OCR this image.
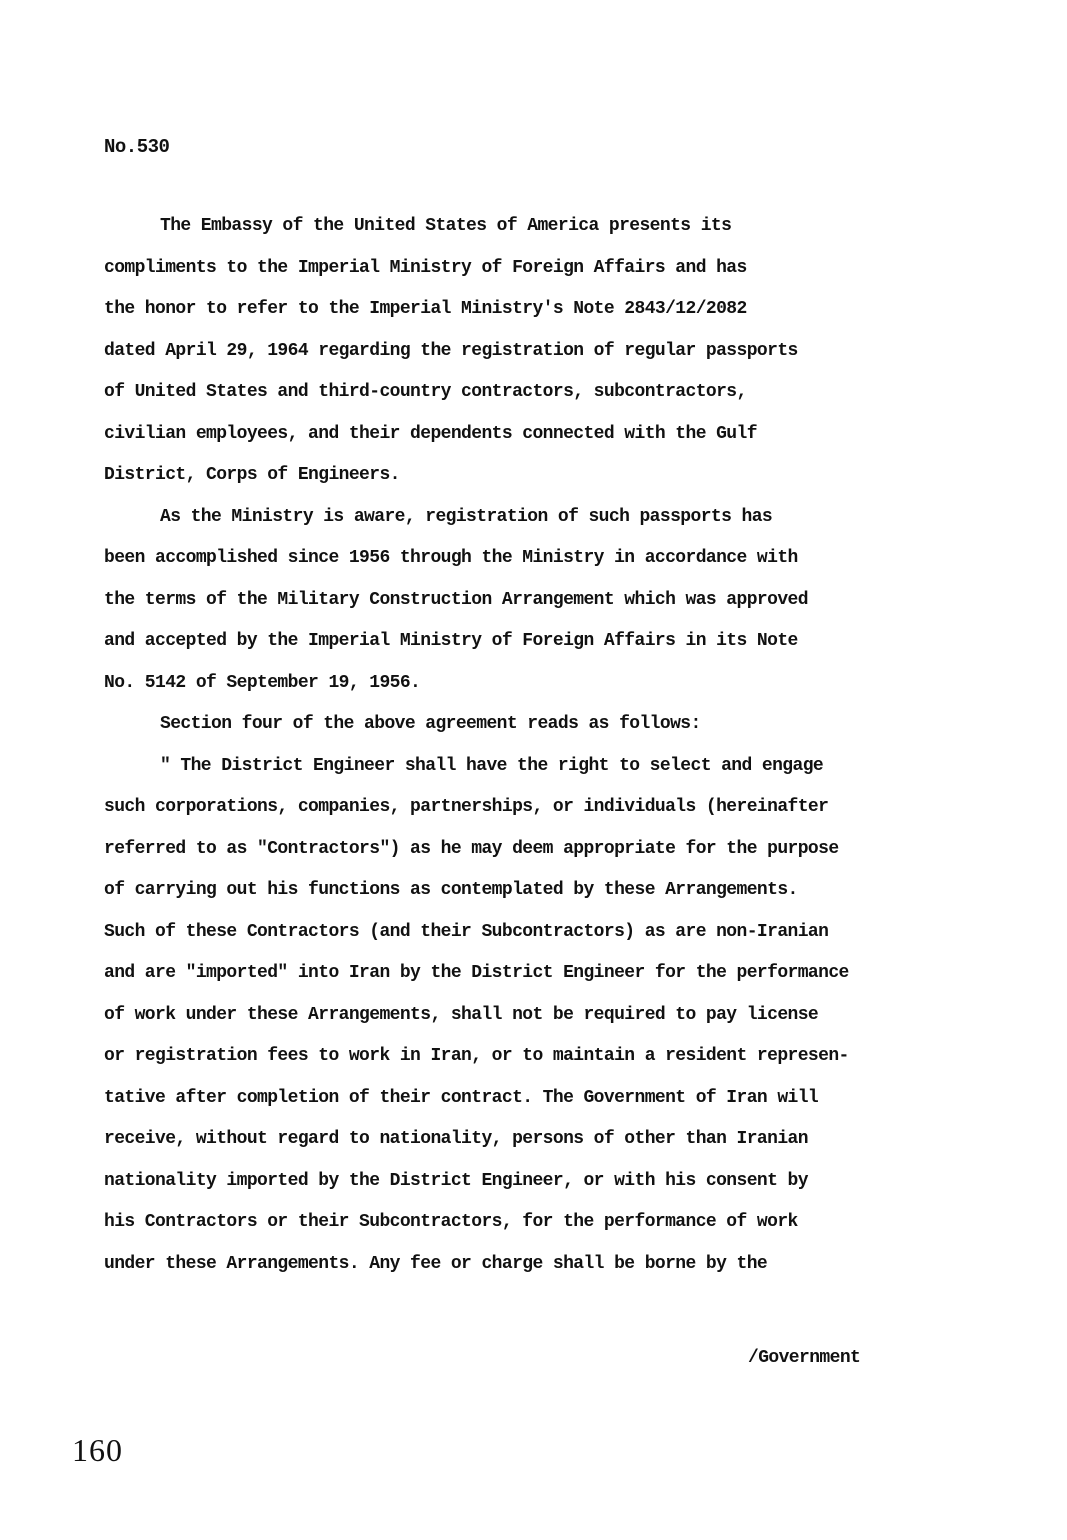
No.530
The Embassy of the United States of America presents its
compliments to the Imperial Ministry of Foreign Affairs and has
the honor to refer to the Imperial Ministry's Note 2843/12/2082
dated April 29, 1964 regarding the registration of regular passports
of United States and third-country contractors, subcontractors,
civilian employees, and their dependents connected with the Gulf
District, Corps of Engineers.
As the Ministry is aware, registration of such passports has
been accomplished since 1956 through the Ministry in accordance with
the terms of the Military Construction Arrangement which was approved
and accepted by the Imperial Ministry of Foreign Affairs in its Note
No. 5142 of September 19, 1956.
Section four of the above agreement reads as follows:
" The District Engineer shall have the right to select and engage
such corporations, companies, partnerships, or individuals (hereinafter
referred to as "Contractors") as he may deem appropriate for the purpose
of carrying out his functions as contemplated by these Arrangements.
Such of these Contractors (and their Subcontractors) as are non-Iranian
and are "imported" into Iran by the District Engineer for the performance
of work under these Arrangements, shall not be required to pay license
or registration fees to work in Iran, or to maintain a resident represen-
tative after completion of their contract. The Government of Iran will
receive, without regard to nationality, persons of other than Iranian
nationality imported by the District Engineer, or with his consent by
his Contractors or their Subcontractors, for the performance of work
under these Arrangements. Any fee or charge shall be borne by the
/Government
160
